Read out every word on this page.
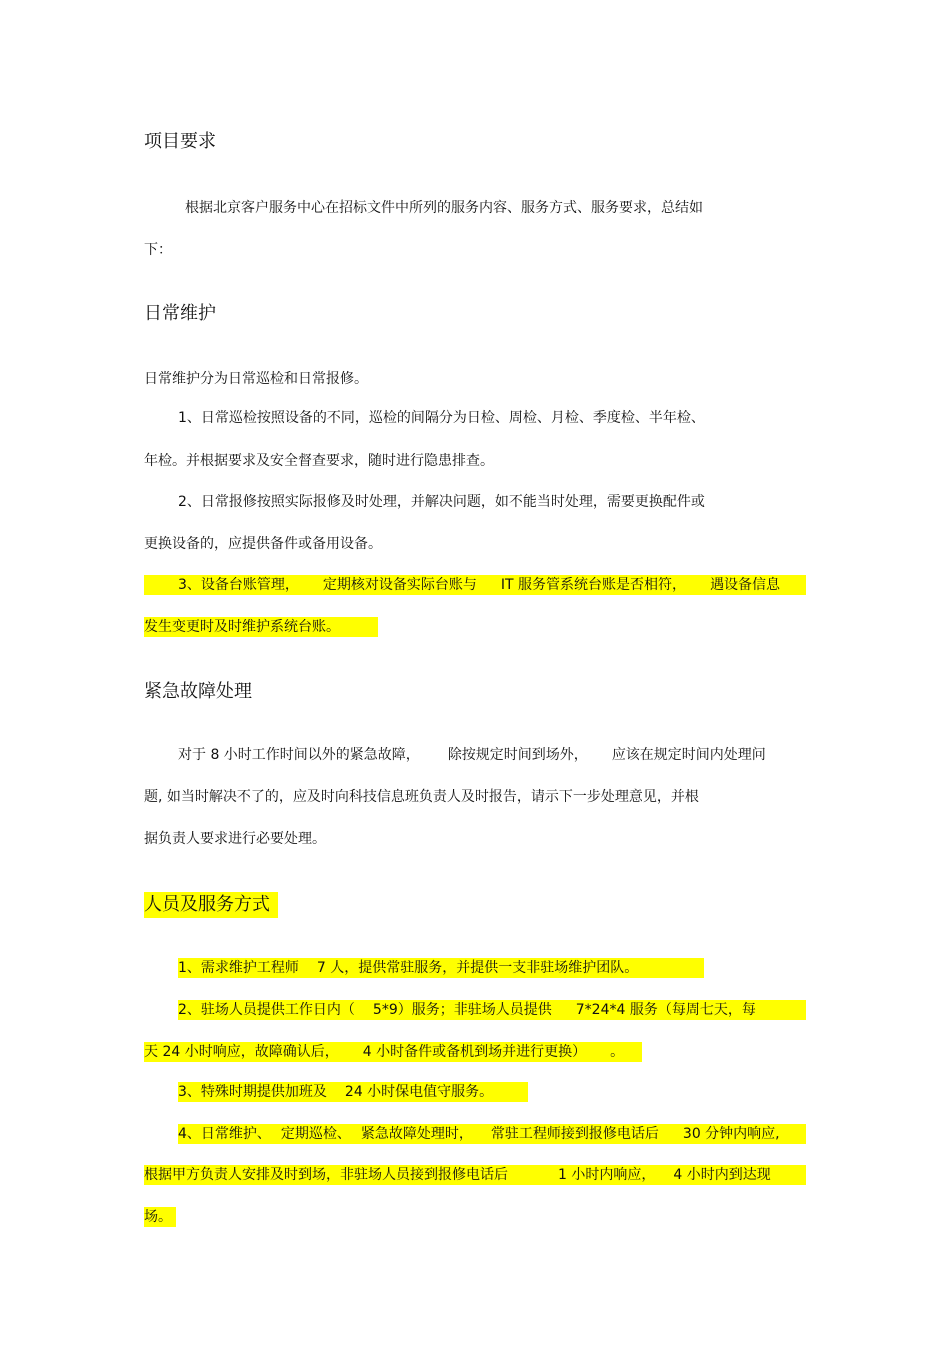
项目要求
根据北京客户服务中心在招标文件中所列的服务内容、服务方式、服务要求，总结如
下：
日常维护
日常维护分为日常巡检和日常报修。
1、日常巡检按照设备的不同，巡检的间隔分为日检、周检、月检、季度检、半年检、
年检。并根据要求及安全督查要求，随时进行隐患排查。
2、日常报修按照实际报修及时处理，并解决问题，如不能当时处理，需要更换配件或
更换设备的，应提供备件或备用设备。
3、设备台账管理， 定期核对设备实际台账与 IT 服务管系统台账是否相符， 遇设备信息
发生变更时及时维护系统台账。
紧急故障处理
对于 8 小时工作时间以外的紧急故障， 除按规定时间到场外， 应该在规定时间内处理问
题, 如当时解决不了的，应及时向科技信息班负责人及时报告，请示下一步处理意见，并根
据负责人要求进行必要处理。
人员及服务方式
1、需求维护工程师 7 人，提供常驻服务，并提供一支非驻场维护团队。
2、驻场人员提供工作日内（ 5*9）服务；非驻场人员提供 7*24*4 服务（每周七天，每
天 24 小时响应，故障确认后， 4 小时备件或备机到场并进行更换） 。
3、特殊时期提供加班及 24 小时保电值守服务。
4、日常维护、 定期巡检、 紧急故障处理时， 常驻工程师接到报修电话后 30 分钟内响应,
根据甲方负责人安排及时到场，非驻场人员接到报修电话后	1 小时内响应， 4 小时内到达现
场。
